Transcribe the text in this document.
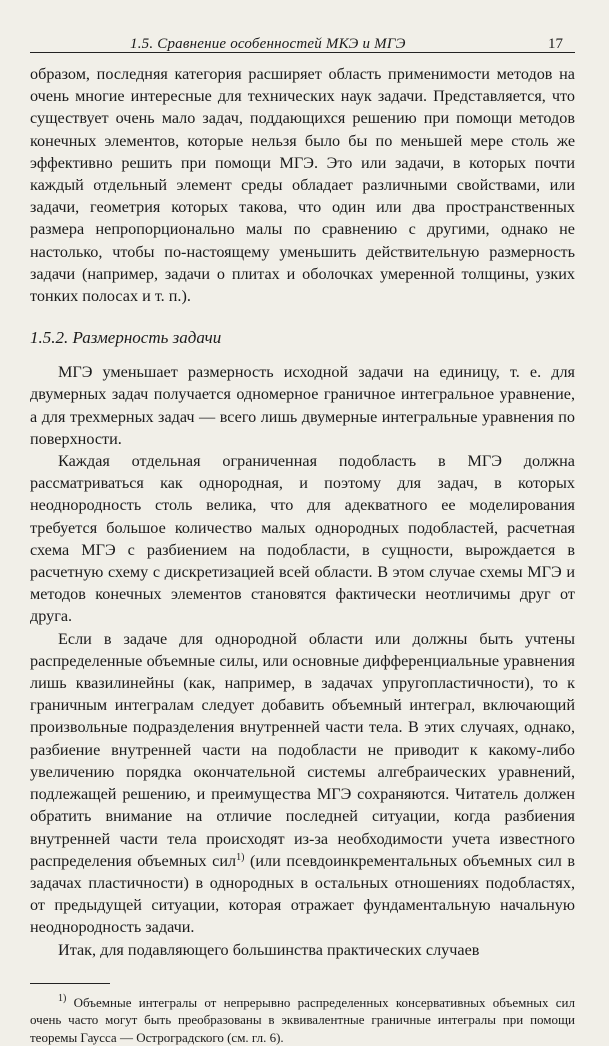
1.5. Сравнение особенностей МКЭ и МГЭ	17

образом, последняя категория расширяет область применимости методов на очень многие интересные для технических наук задачи. Представляется, что существует очень мало задач, поддающихся решению при помощи методов конечных элементов, которые нельзя было бы по меньшей мере столь же эффективно решить при помощи МГЭ. Это или задачи, в которых почти каждый отдельный элемент среды обладает различными свойствами, или задачи, геометрия которых такова, что один или два пространственных размера непропорционально малы по сравнению с другими, однако не настолько, чтобы по-настоящему уменьшить действительную размерность задачи (например, задачи о плитах и оболочках умеренной толщины, узких тонких полосах и т. п.).

1.5.2. Размерность задачи

МГЭ уменьшает размерность исходной задачи на единицу, т. е. для двумерных задач получается одномерное граничное интегральное уравнение, а для трехмерных задач — всего лишь двумерные интегральные уравнения по поверхности.

Каждая отдельная ограниченная подобласть в МГЭ должна рассматриваться как однородная, и поэтому для задач, в которых неоднородность столь велика, что для адекватного ее моделирования требуется большое количество малых однородных подобластей, расчетная схема МГЭ с разбиением на подобласти, в сущности, вырождается в расчетную схему с дискретизацией всей области. В этом случае схемы МГЭ и методов конечных элементов становятся фактически неотличимы друг от друга.

Если в задаче для однородной области или должны быть учтены распределенные объемные силы, или основные дифференциальные уравнения лишь квазилинейны (как, например, в задачах упругопластичности), то к граничным интегралам следует добавить объемный интеграл, включающий произвольные подразделения внутренней части тела. В этих случаях, однако, разбиение внутренней части на подобласти не приводит к какому-либо увеличению порядка окончательной системы алгебраических уравнений, подлежащей решению, и преимущества МГЭ сохраняются. Читатель должен обратить внимание на отличие последней ситуации, когда разбиения внутренней части тела происходят из-за необходимости учета известного распределения объемных сил$^{1)}$ (или псевдоинкрементальных объемных сил в задачах пластичности) в однородных в остальных отношениях подобластях, от предыдущей ситуации, которая отражает фундаментальную начальную неоднородность задачи.

Итак, для подавляющего большинства практических случаев

$^{1)}$ Объемные интегралы от непрерывно распределенных консервативных объемных сил очень часто могут быть преобразованы в эквивалентные граничные интегралы при помощи теоремы Гаусса — Остроградского (см. гл. 6).
